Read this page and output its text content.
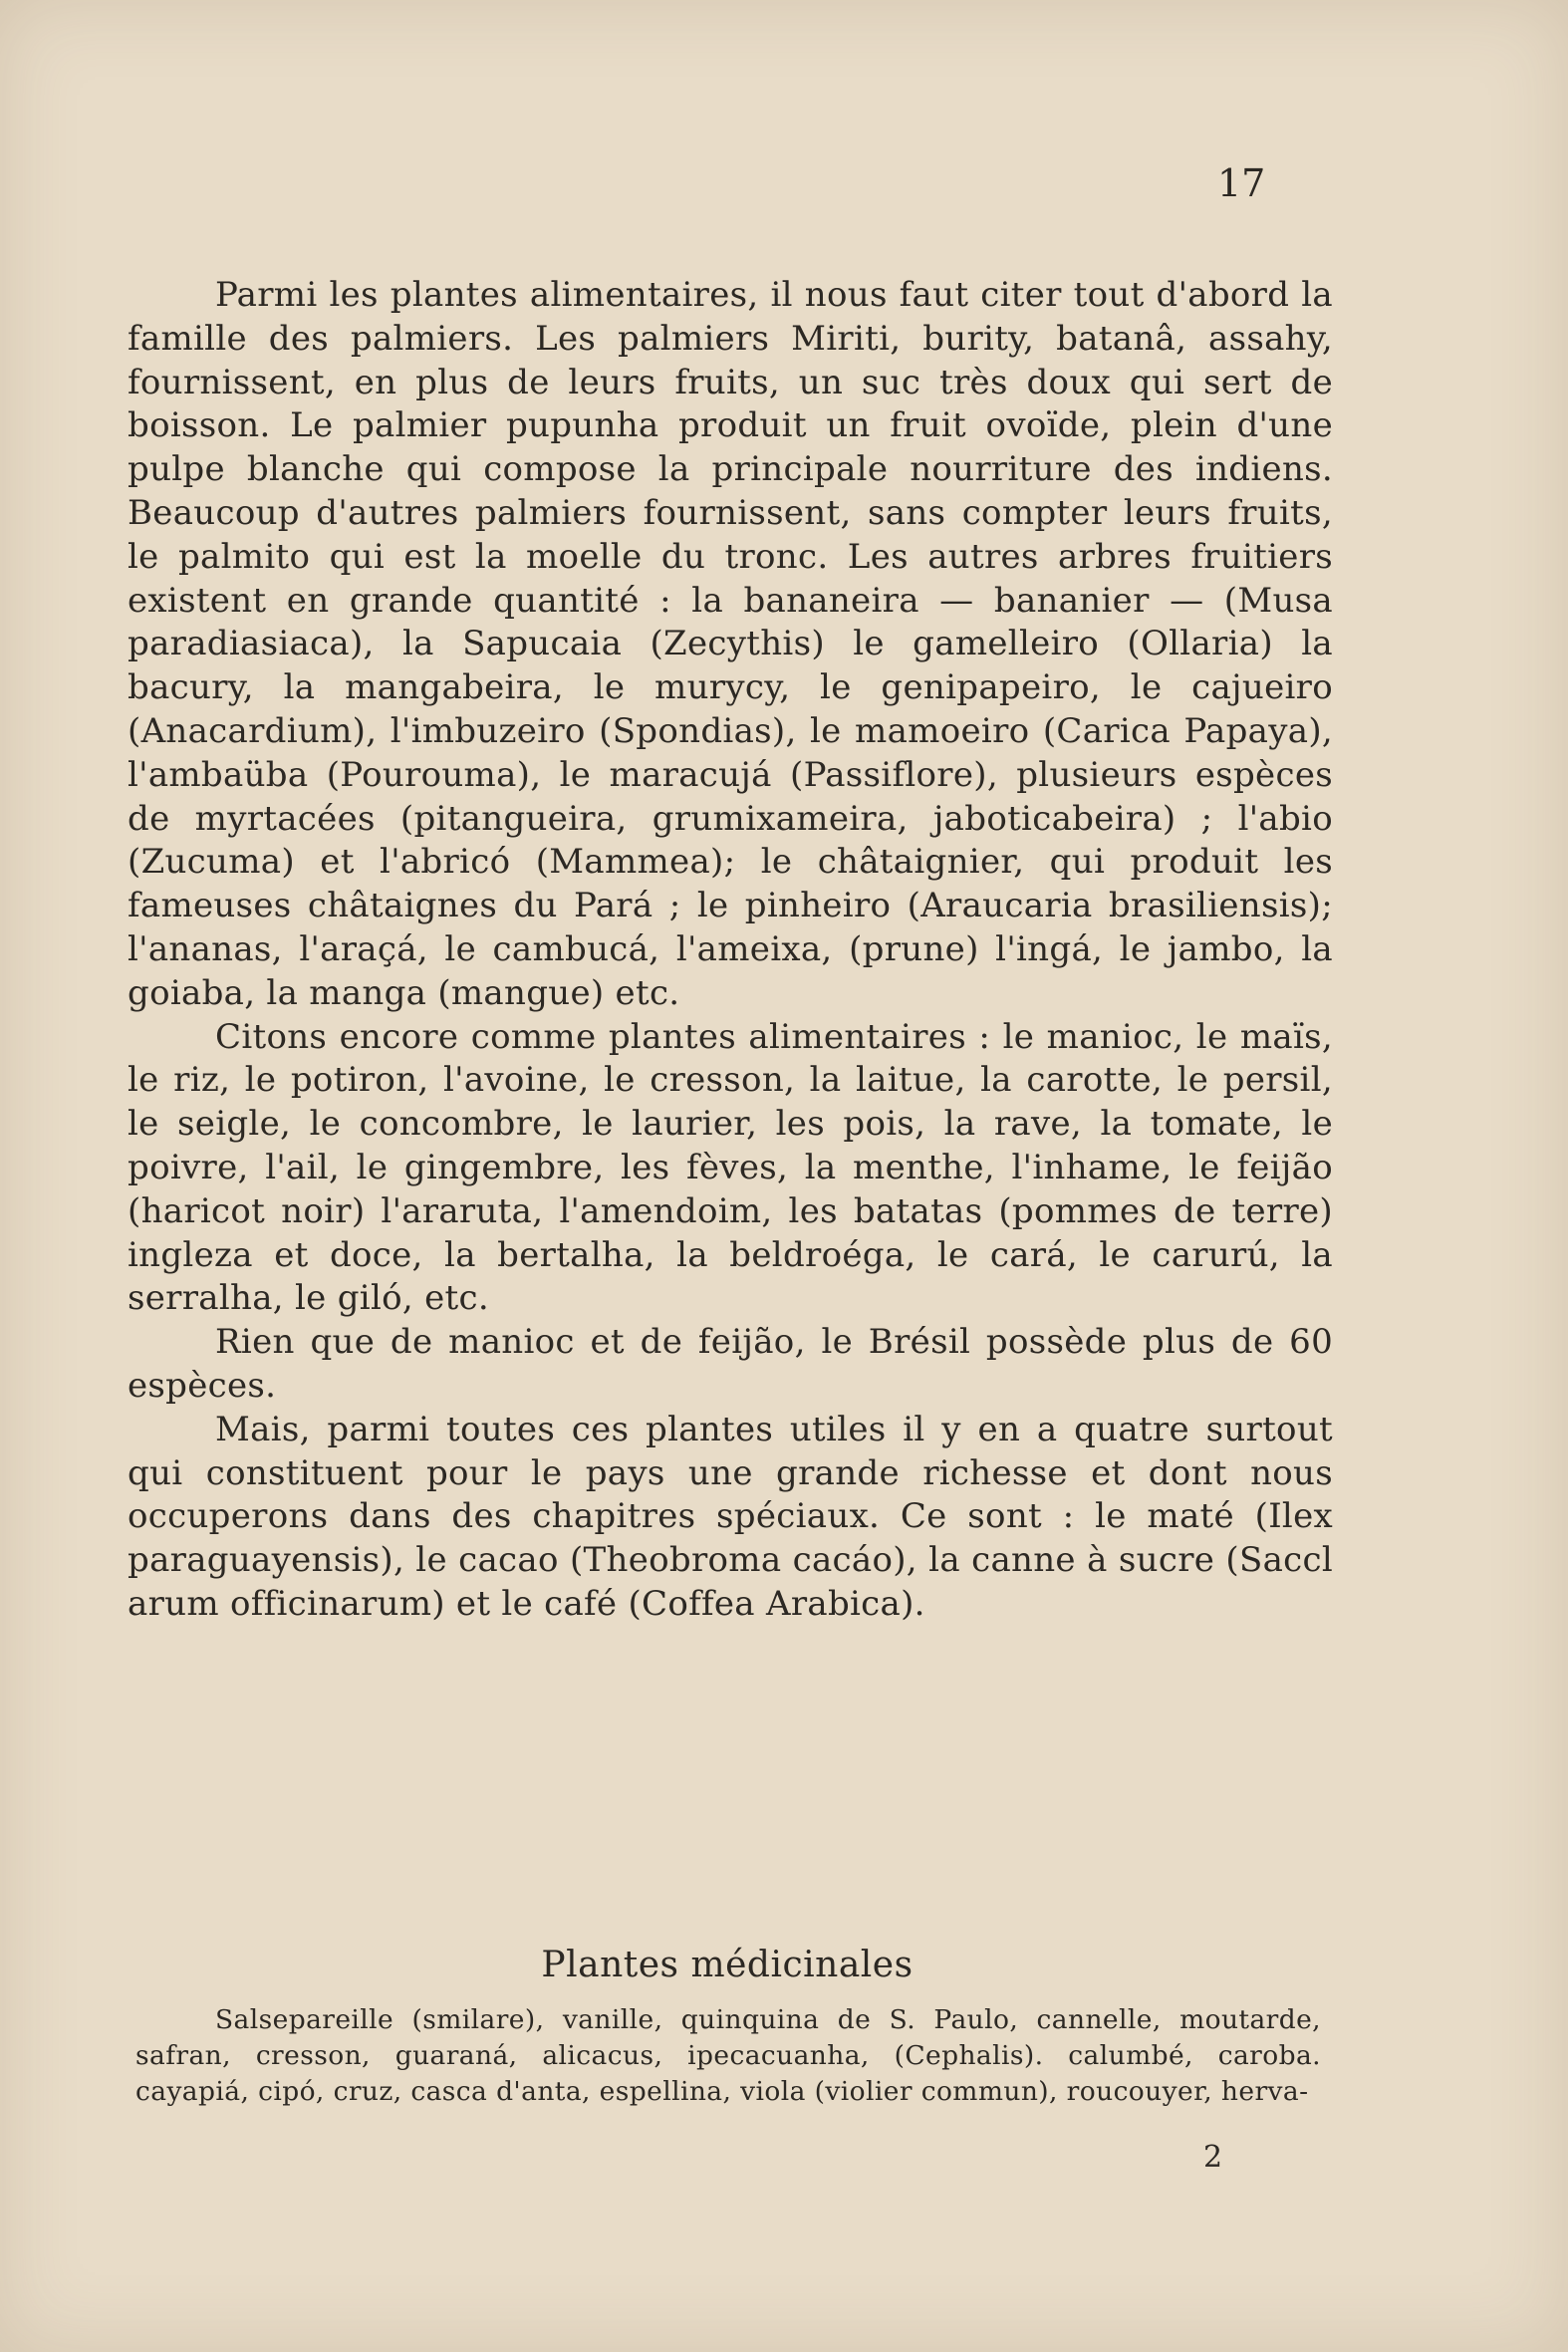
17

Parmi les plantes alimentaires, il nous faut citer tout d'abord la famille des palmiers. Les palmiers Miriti, burity, batanâ, assahy, fournissent, en plus de leurs fruits, un suc très doux qui sert de boisson. Le palmier pupunha produit un fruit ovoïde, plein d'une pulpe blanche qui compose la principale nourriture des indiens. Beaucoup d'autres palmiers fournissent, sans compter leurs fruits, le palmito qui est la moelle du tronc. Les autres arbres fruitiers existent en grande quantité : la bananeira — bananier — (Musa paradiasiaca), la Sapucaia (Zecythis) le gamelleiro (Ollaria) la bacury, la mangabeira, le murycy, le genipapeiro, le cajueiro (Anacardium), l'imbuzeiro (Spondias), le mamoeiro (Carica Papaya), l'ambaüba (Pourouma), le maracujá (Passiflore), plusieurs espèces de myrtacées (pitangueira, grumixameira, jaboticabeira) ; l'abio (Zucuma) et l'abricó (Mammea); le châtaignier, qui produit les fameuses châtaignes du Pará ; le pinheiro (Araucaria brasiliensis); l'ananas, l'araçá, le cambucá, l'ameixa, (prune) l'ingá, le jambo, la goiaba, la manga (mangue) etc.

Citons encore comme plantes alimentaires : le manioc, le maïs, le riz, le potiron, l'avoine, le cresson, la laitue, la carotte, le persil, le seigle, le concombre, le laurier, les pois, la rave, la tomate, le poivre, l'ail, le gingembre, les fèves, la menthe, l'inhame, le feijão (haricot noir) l'araruta, l'amendoim, les batatas (pommes de terre) ingleza et doce, la bertalha, la beldroéga, le cará, le carurú, la serralha, le giló, etc.

Rien que de manioc et de feijão, le Brésil possède plus de 60 espèces.

Mais, parmi toutes ces plantes utiles il y en a quatre surtout qui constituent pour le pays une grande richesse et dont nous occuperons dans des chapitres spéciaux. Ce sont : le maté (Ilex paraguayensis), le cacao (Theobroma cacáo), la canne à sucre (Saccl arum officinarum) et le café (Coffea Arabica).

Plantes médicinales

Salsepareille (smilare), vanille, quinquina de S. Paulo, cannelle, moutarde, safran, cresson, guaraná, alicacus, ipecacuanha, (Cephalis). calumbé, caroba. cayapiá, cipó, cruz, casca d'anta, espellina, viola (violier commun), roucouyer, herva-

2
